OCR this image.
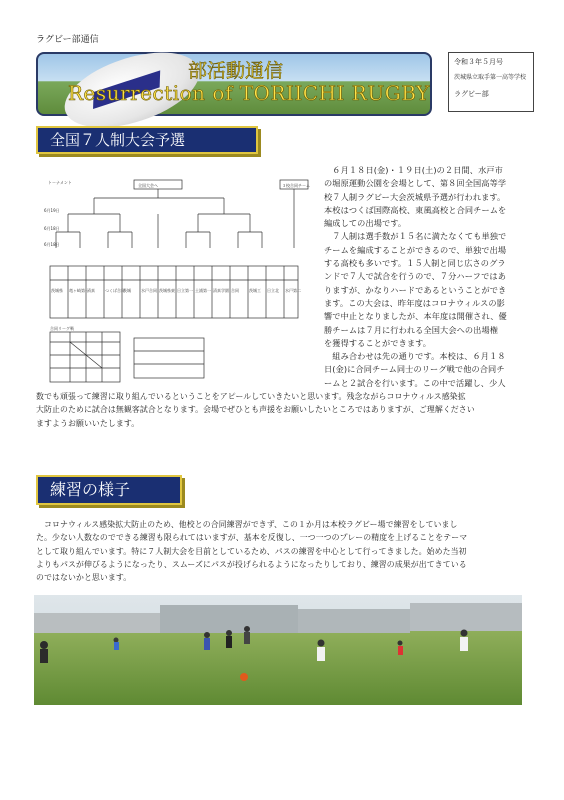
ラグビー部通信
部活動通信
Resurrection of TORIICHI RUGBY
令和３年５月号
茨城県立取手第一高等学校
ラグビー部
全国７人制大会予選
トーナメント
全国大会へ	３校合同チーム
合同リーグ戦
6月19日
6月18日
6月18日
茨城県 竜ヶ崎第一
清真	つくば合同
茨城	水戸合同 茨城県東 日立第一 土浦第一 清真学園 合同	茨城工 日立北 水戸第二
　６月１８日(金)・１９日(土)の２日間、水戸市
の堀原運動公園を会場として、第８回全国高等学
校７人制ラグビー大会茨城県予選が行われます。
本校はつくば国際高校、東風高校と合同チームを
編成しての出場です。
　７人制は選手数が１５名に満たなくても単独で
チームを編成することができるので、単独で出場
する高校も多いです。１５人制と同じ広さのグラ
ンドで７人で試合を行うので、７分ハーフではあ
りますが、かなりハードであるということができ
ます。この大会は、昨年度はコロナウィルスの影
響で中止となりましたが、本年度は開催され、優
勝チームは７月に行われる全国大会への出場権
を獲得することができます。
　組み合わせは先の通りです。本校は、６月１８
日(金)に合同チーム同士のリーグ戦で他の合同チ
ームと２試合を行います。この中で活躍し、少人
数でも頑張って練習に取り組んでいるということをアピールしていきたいと思います。残念ながらコロナウィルス感染拡
大防止のために試合は無観客試合となります。会場でぜひとも声援をお願いしたいところではありますが、ご理解ください
ますようお願いいたします。
練習の様子
　コロナウィルス感染拡大防止のため、他校との合同練習ができず、この１か月は本校ラグビー場で練習をしていまし
た。少ない人数なのでできる練習も限られてはいますが、基本を反復し、一つ一つのプレーの精度を上げることをテーマ
として取り組んでいます。特に７人制大会を目前としているため、パスの練習を中心として行ってきました。始めた当初
よりもパスが伸びるようになったり、スムーズにパスが投げられるようになったりしており、練習の成果が出てきている
のではないかと思います。
